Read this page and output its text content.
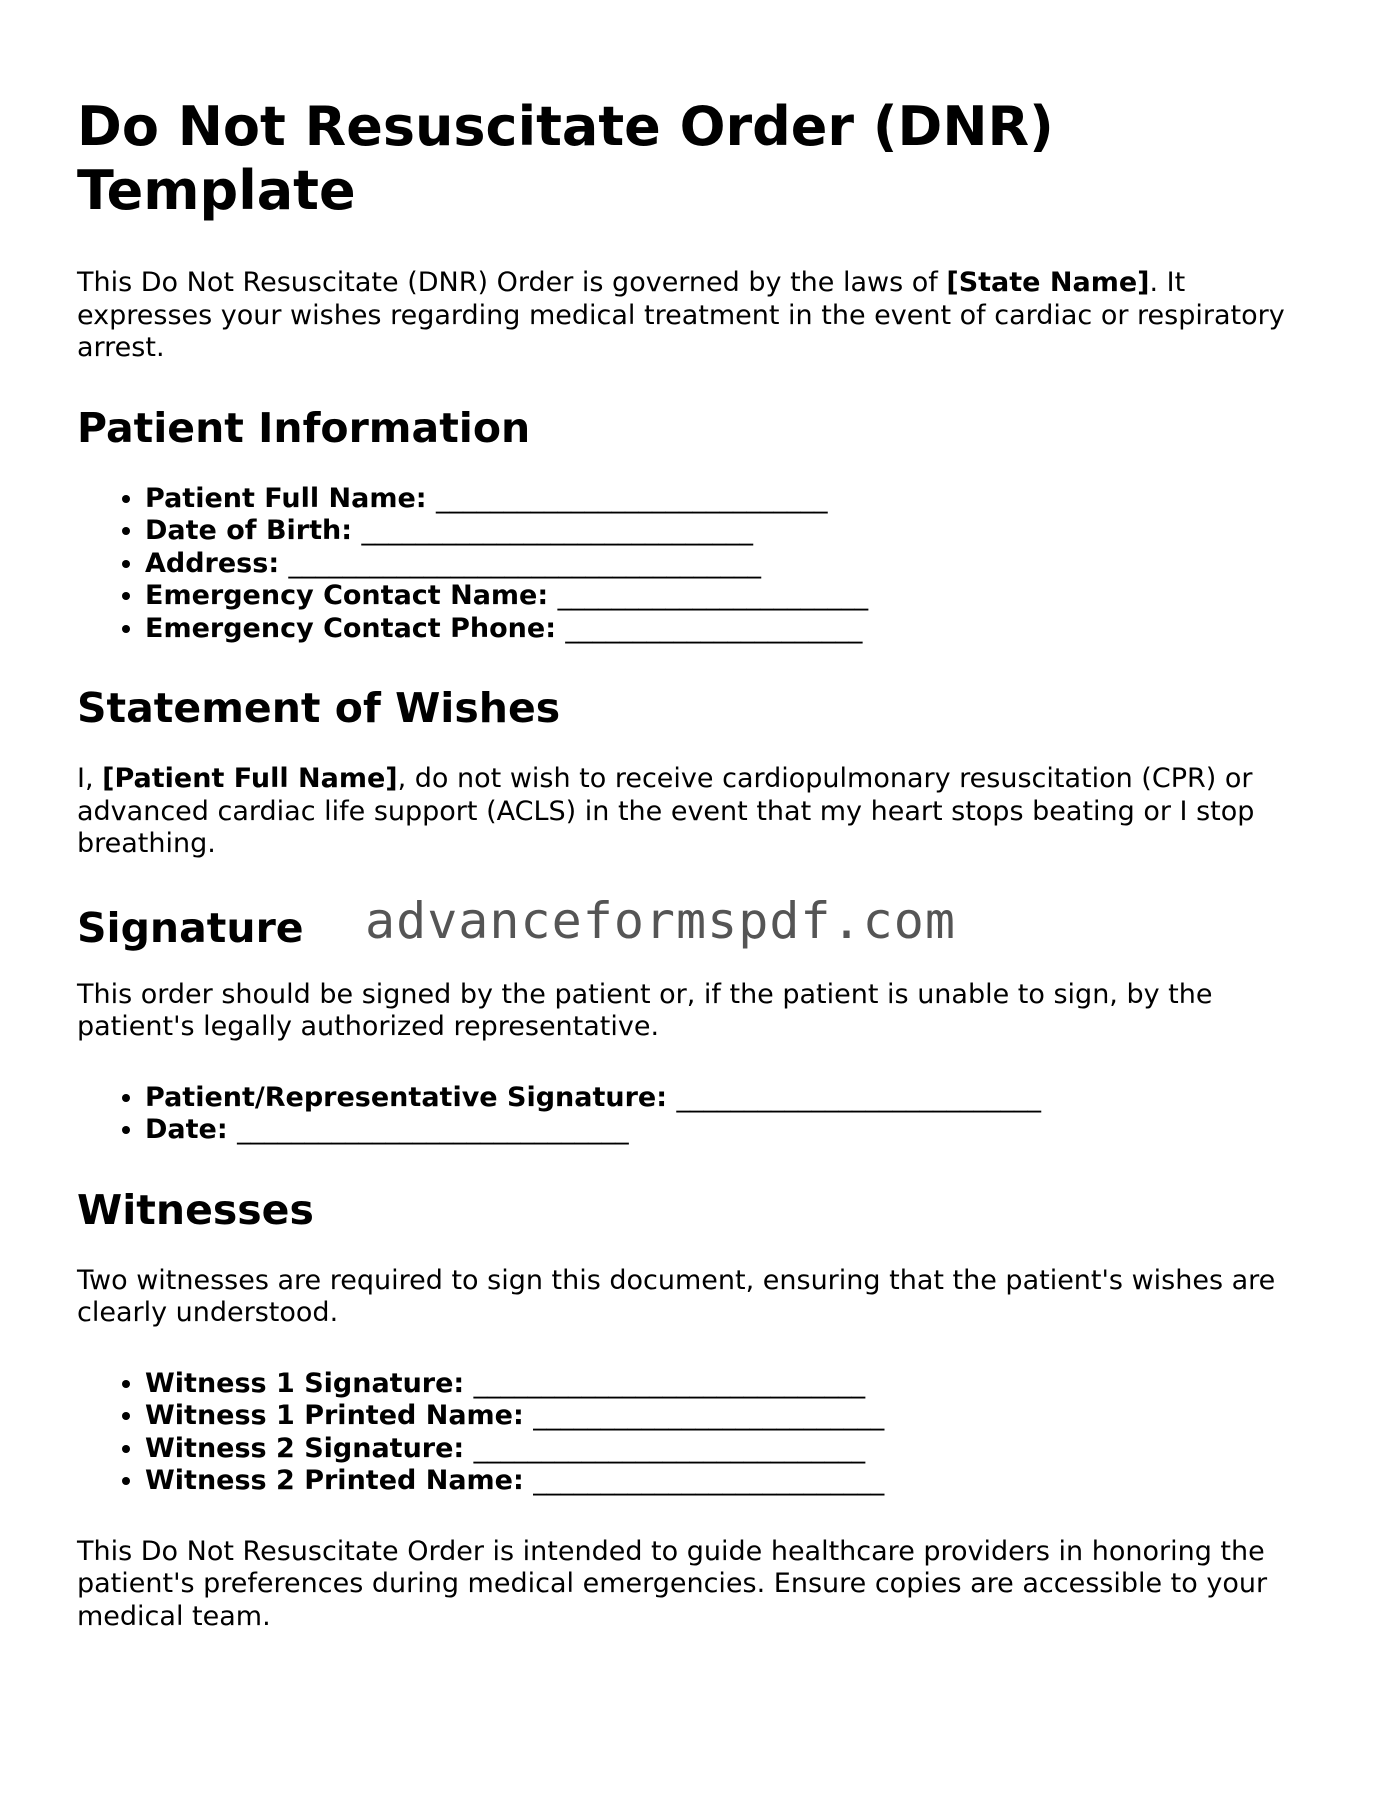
Do Not Resuscitate Order (DNR) Template

This Do Not Resuscitate (DNR) Order is governed by the laws of [State Name]. It expresses your wishes regarding medical treatment in the event of cardiac or respiratory arrest.

Patient Information
• Patient Full Name: _____________________________
• Date of Birth: _____________________________
• Address: ___________________________________
• Emergency Contact Name: _______________________
• Emergency Contact Phone: ______________________
Statement of Wishes

I, [Patient Full Name], do not wish to receive cardiopulmonary resuscitation (CPR) or advanced cardiac life support (ACLS) in the event that my heart stops beating or I stop breathing.

Signature advanceformspdf.com

This order should be signed by the patient or, if the patient is unable to sign, by the patient's legally authorized representative.

• Patient/Representative Signature: ___________________________
• Date: _____________________________
Witnesses

Two witnesses are required to sign this document, ensuring that the patient's wishes are clearly understood.

• Witness 1 Signature: _____________________________
• Witness 1 Printed Name: __________________________
• Witness 2 Signature: _____________________________
• Witness 2 Printed Name: __________________________

This Do Not Resuscitate Order is intended to guide healthcare providers in honoring the patient's preferences during medical emergencies. Ensure copies are accessible to your medical team.
